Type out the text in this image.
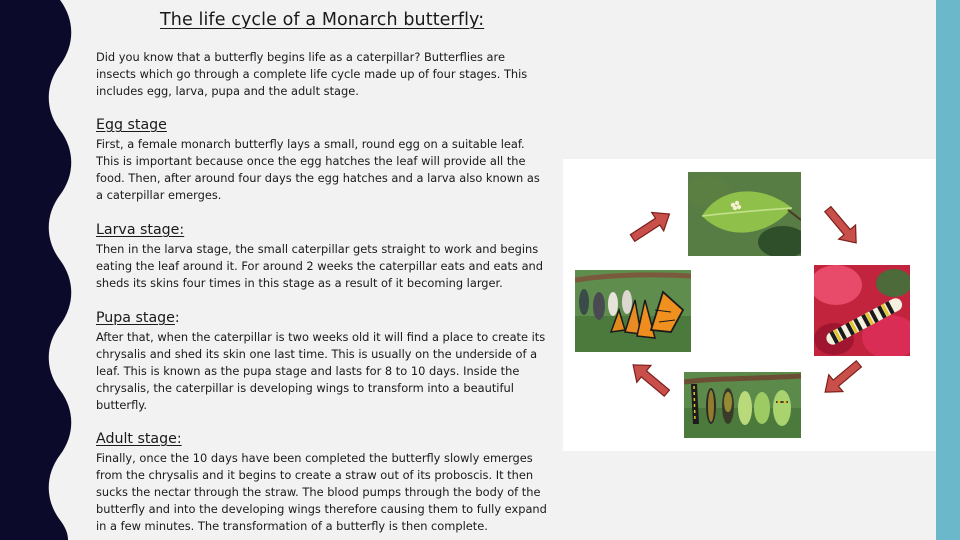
The life cycle of a Monarch butterfly:
Did you know that a butterfly begins life as a caterpillar? Butterflies are insects which go through a complete life cycle made up of four stages. This includes egg, larva, pupa and the adult stage.
Egg stage
First, a female monarch butterfly lays a small, round egg on a suitable leaf. This is important because once the egg hatches the leaf will provide all the food. Then, after around four days the egg hatches and a larva also known as a caterpillar emerges.
Larva stage:
Then in the larva stage, the small caterpillar gets straight to work and begins eating the leaf around it. For around 2 weeks the caterpillar eats and eats and sheds its skins four times in this stage as a result of it becoming larger.
Pupa stage:
After that, when the caterpillar is two weeks old it will find a place to create its chrysalis and shed its skin one last time. This is usually on the underside of a leaf. This is known as the pupa stage and lasts for 8 to 10 days. Inside the chrysalis, the caterpillar is developing wings to transform into a beautiful butterfly.
Adult stage:
Finally, once the 10 days have been completed the butterfly slowly emerges from the chrysalis and it begins to create a straw out of its proboscis. It then sucks the nectar through the straw. The blood pumps through the body of the butterfly and into the developing wings therefore causing them to fully expand in a few minutes. The transformation of a butterfly is then complete.
